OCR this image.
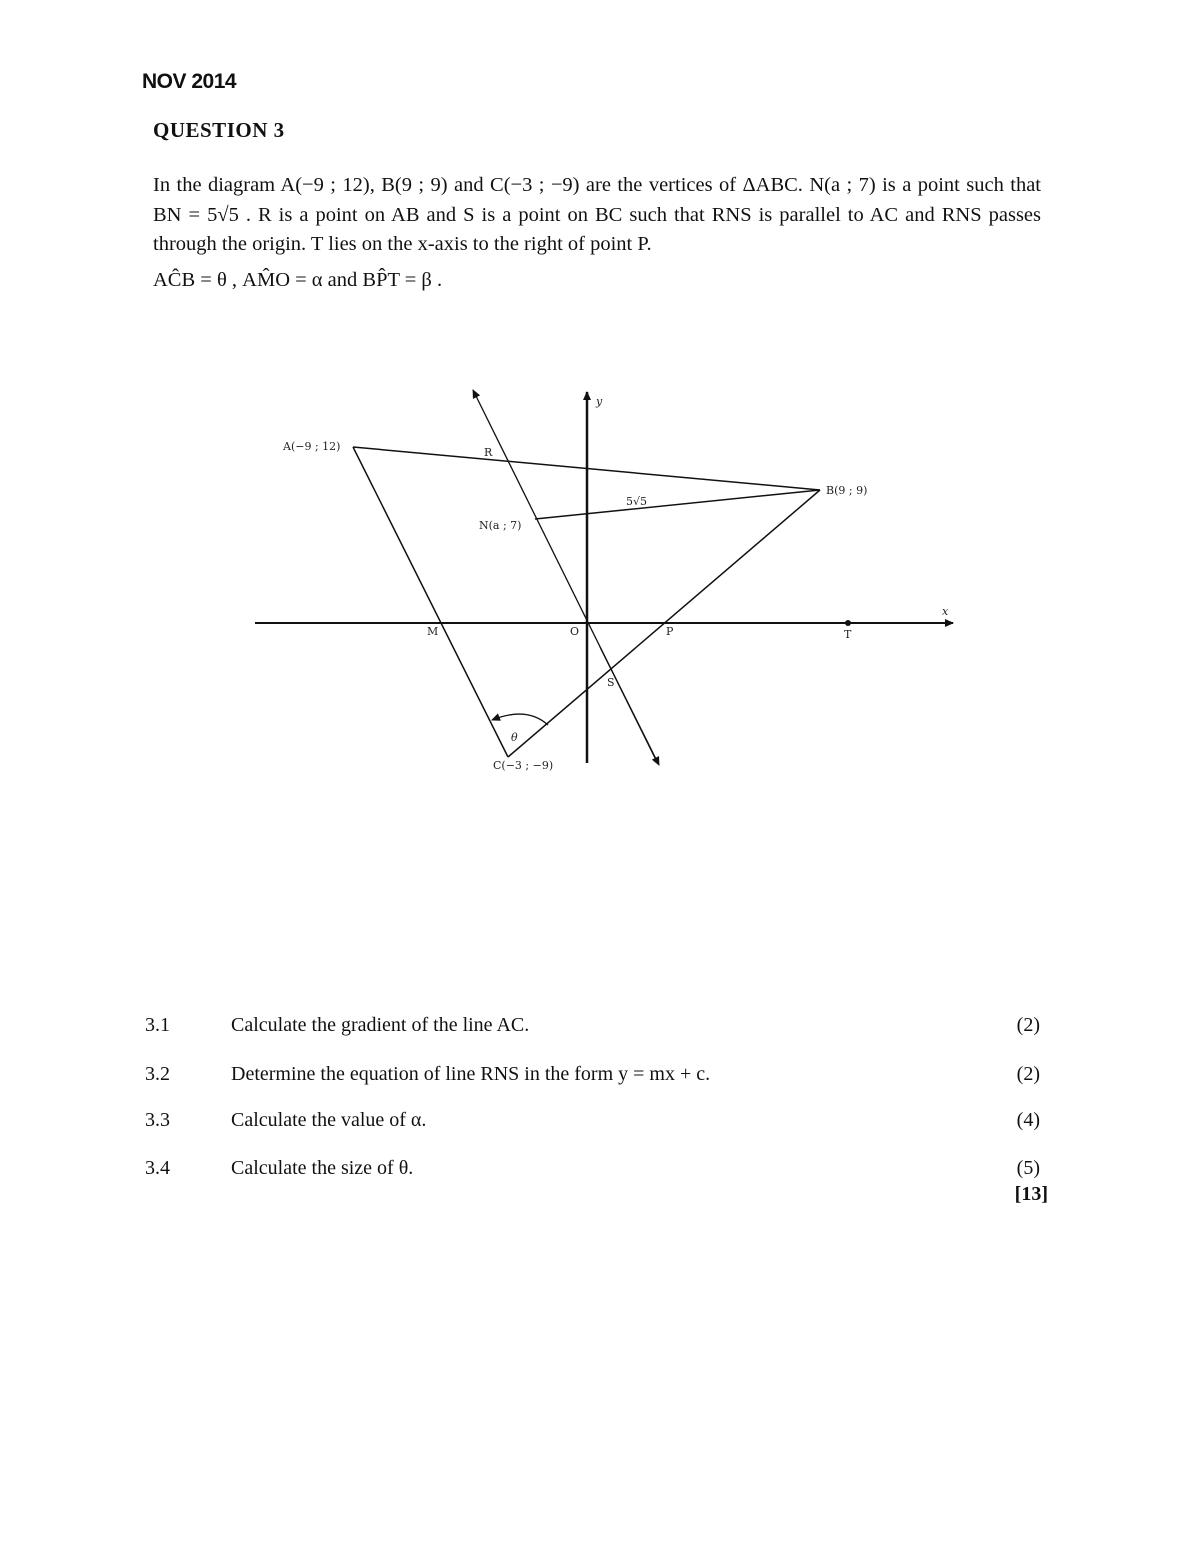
NOV 2014
QUESTION 3

In the diagram A(−9 ; 12), B(9 ; 9) and C(−3 ; −9) are the vertices of ΔABC. N(a ; 7) is a point such that BN = 5√5 . R is a point on AB and S is a point on BC such that RNS is parallel to AC and RNS passes through the origin. T lies on the x-axis to the right of point P.

AĈB = θ , AM̂O = α and BP̂T = β .

A(−9 ; 12)
B(9 ; 9)
C(−3 ; −9)
N(a ; 7)
R
S
M	O	P	T
x
y
5√5
θ
3.1	Calculate the gradient of the line AC.	(2)
3.2	Determine the equation of line RNS in the form y = mx + c.	(2)
3.3	Calculate the value of α.	(4)
3.4	Calculate the size of θ.	(5)
[13]
